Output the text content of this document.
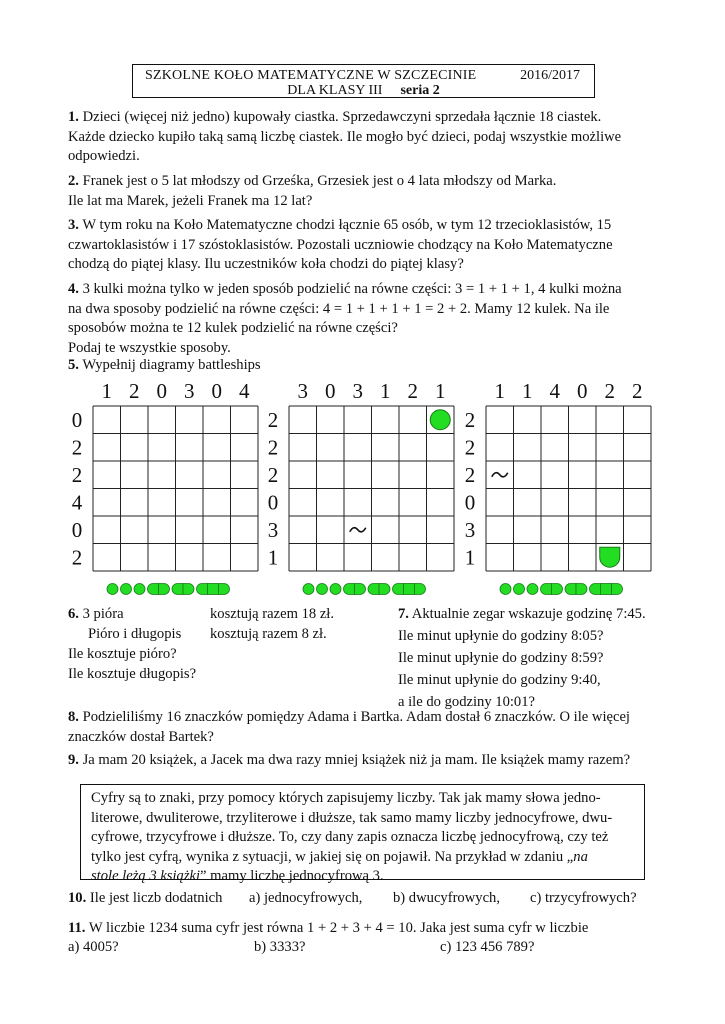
SZKOLNE KOŁO MATEMATYCZNE W SZCZECINIE	2016/2017
DLA KLASY III seria 2
1. Dzieci (więcej niż jedno) kupowały ciastka. Sprzedawczyni sprzedała łącznie 18 ciastek.
Każde dziecko kupiło taką samą liczbę ciastek. Ile mogło być dzieci, podaj wszystkie możliwe
odpowiedzi.
2. Franek jest o 5 lat młodszy od Grześka, Grzesiek jest o 4 lata młodszy od Marka.
Ile lat ma Marek, jeżeli Franek ma 12 lat?
3. W tym roku na Koło Matematyczne chodzi łącznie 65 osób, w tym 12 trzecioklasistów, 15
czwartoklasistów i 17 szóstoklasistów. Pozostali uczniowie chodzący na Koło Matematyczne
chodzą do piątej klasy. Ilu uczestników koła chodzi do piątej klasy?
4. 3 kulki można tylko w jeden sposób podzielić na równe części: 3 = 1 + 1 + 1, 4 kulki można
na dwa sposoby podzielić na równe części: 4 = 1 + 1 + 1 + 1 = 2 + 2. Mamy 12 kulek. Na ile
sposobów można te 12 kulek podzielić na równe części?
Podaj te wszystkie sposoby.
5. Wypełnij diagramy battleships
1 2 0 3 0 4
0
2
2
4
0
2
3 0 3 1 2 1
2
2
2
0
3
1
1 1 4 0 2 2
2
2
2
0
3
1
6. 3 pióra	kosztują razem 18 zł.
Pióro i długopis kosztują razem 8 zł.
Ile kosztuje pióro?
Ile kosztuje długopis?
7. Aktualnie zegar wskazuje godzinę 7:45.
Ile minut upłynie do godziny 8:05?
Ile minut upłynie do godziny 8:59?
Ile minut upłynie do godziny 9:40,
a ile do godziny 10:01?
8. Podzieliliśmy 16 znaczków pomiędzy Adama i Bartka. Adam dostał 6 znaczków. O ile więcej
znaczków dostał Bartek?
9. Ja mam 20 książek, a Jacek ma dwa razy mniej książek niż ja mam. Ile książek mamy razem?
Cyfry są to znaki, przy pomocy których zapisujemy liczby. Tak jak mamy słowa jedno-
literowe, dwuliterowe, trzyliterowe i dłuższe, tak samo mamy liczby jednocyfrowe, dwu-
cyfrowe, trzycyfrowe i dłuższe. To, czy dany zapis oznacza liczbę jednocyfrową, czy też
tylko jest cyfrą, wynika z sytuacji, w jakiej się on pojawił. Na przykład w zdaniu „na
stole leżą 3 książki” mamy liczbę jednocyfrową 3.
10. Ile jest liczb dodatnich a) jednocyfrowych, b) dwucyfrowych, c) trzycyfrowych?
11. W liczbie 1234 suma cyfr jest równa 1 + 2 + 3 + 4 = 10. Jaka jest suma cyfr w liczbie
a) 4005?	b) 3333?	c) 123 456 789?
